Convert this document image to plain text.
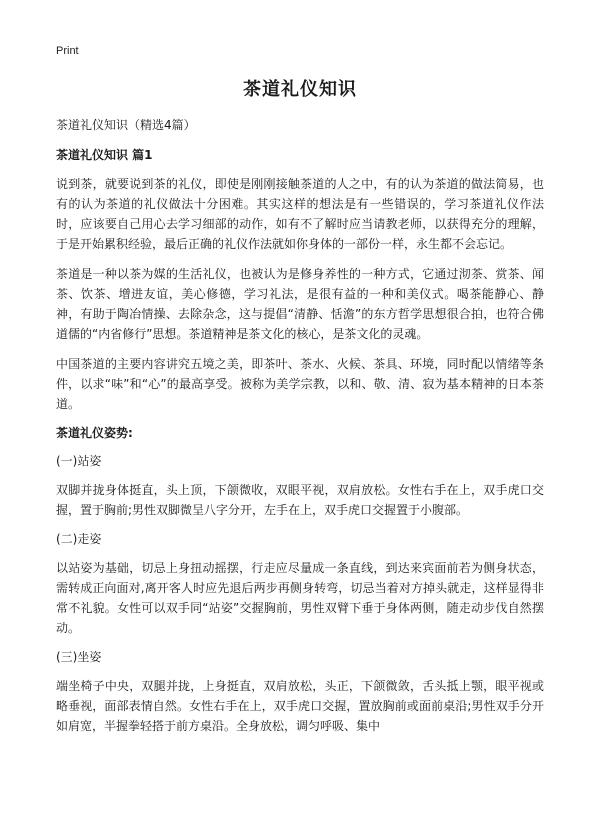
Print
茶道礼仪知识
茶道礼仪知识（精选4篇）
茶道礼仪知识 篇1

说到茶，就要说到茶的礼仪，即使是刚刚接触茶道的人之中，有的认为茶道的做法简易，也有的认为茶道的礼仪做法十分困难。其实这样的想法是有一些错误的，学习茶道礼仪作法时，应该要自己用心去学习细部的动作，如有不了解时应当请教老师，以获得充分的理解，于是开始累积经验，最后正确的礼仪作法就如你身体的一部份一样，永生都不会忘记。

茶道是一种以茶为媒的生活礼仪，也被认为是修身养性的一种方式，它通过沏茶、赏茶、闻茶、饮茶、增进友谊，美心修德，学习礼法，是很有益的一种和美仪式。喝茶能静心、静神，有助于陶冶情操、去除杂念，这与提倡“清静、恬澹”的东方哲学思想很合拍，也符合佛道儒的“内省修行”思想。茶道精神是茶文化的核心，是茶文化的灵魂。

中国茶道的主要内容讲究五境之美，即茶叶、茶水、火候、茶具、环境，同时配以情绪等条件，以求“味”和“心”的最高享受。被称为美学宗教，以和、敬、清、寂为基本精神的日本茶道。

茶道礼仪姿势:
(一)站姿

双脚并拢身体挺直，头上顶，下颌微收，双眼平视，双肩放松。女性右手在上，双手虎口交握，置于胸前;男性双脚微呈八字分开，左手在上，双手虎口交握置于小腹部。

(二)走姿

以站姿为基础，切忌上身扭动摇摆，行走应尽量成一条直线，到达来宾面前若为侧身状态，需转成正向面对,离开客人时应先退后两步再侧身转弯，切忌当着对方掉头就走，这样显得非常不礼貌。女性可以双手同“站姿”交握胸前，男性双臂下垂于身体两侧，随走动步伐自然摆动。

(三)坐姿

端坐椅子中央，双腿并拢，上身挺直，双肩放松，头正，下颌微敛，舌头抵上颚，眼平视或略垂视，面部表情自然。女性右手在上，双手虎口交握，置放胸前或面前桌沿;男性双手分开如肩宽，半握拳轻搭于前方桌沿。全身放松，调匀呼吸、集中
